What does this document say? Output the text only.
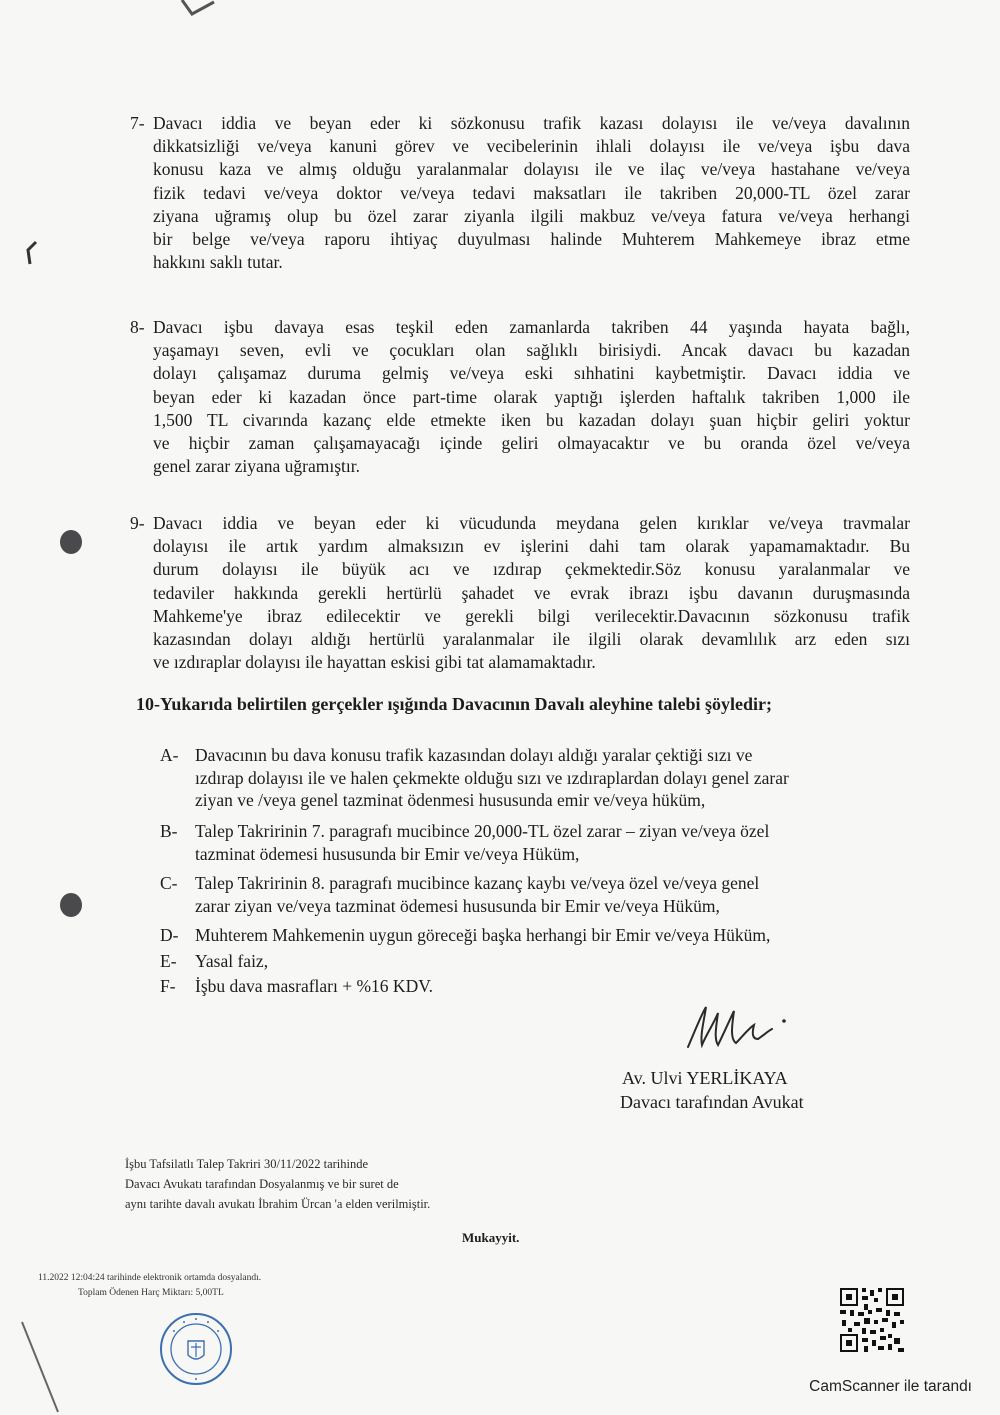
7- Davacı iddia ve beyan eder ki sözkonusu trafik kazası dolayısı ile ve/veya davalının
dikkatsizliği ve/veya kanuni görev ve vecibelerinin ihlali dolayısı ile ve/veya işbu dava
konusu kaza ve almış olduğu yaralanmalar dolayısı ile ve ilaç ve/veya hastahane ve/veya
fizik tedavi ve/veya doktor ve/veya tedavi maksatları ile takriben 20,000-TL özel zarar
ziyana uğramış olup bu özel zarar ziyanla ilgili makbuz ve/veya fatura ve/veya herhangi
bir belge ve/veya raporu ihtiyaç duyulması halinde Muhterem Mahkemeye ibraz etme
hakkını saklı tutar.
8- Davacı işbu davaya esas teşkil eden zamanlarda takriben 44 yaşında hayata bağlı,
yaşamayı seven, evli ve çocukları olan sağlıklı birisiydi. Ancak davacı bu kazadan
dolayı çalışamaz duruma gelmiş ve/veya eski sıhhatini kaybetmiştir. Davacı iddia ve
beyan eder ki kazadan önce part-time olarak yaptığı işlerden haftalık takriben 1,000 ile
1,500 TL civarında kazanç elde etmekte iken bu kazadan dolayı şuan hiçbir geliri yoktur
ve hiçbir zaman çalışamayacağı içinde geliri olmayacaktır ve bu oranda özel ve/veya
genel zarar ziyana uğramıştır.
9- Davacı iddia ve beyan eder ki vücudunda meydana gelen kırıklar ve/veya travmalar
dolayısı ile artık yardım almaksızın ev işlerini dahi tam olarak yapamamaktadır. Bu
durum dolayısı ile büyük acı ve ızdırap çekmektedir.Söz konusu yaralanmalar ve
tedaviler hakkında gerekli hertürlü şahadet ve evrak ibrazı işbu davanın duruşmasında
Mahkeme'ye ibraz edilecektir ve gerekli bilgi verilecektir.Davacının sözkonusu trafik
kazasından dolayı aldığı hertürlü yaralanmalar ile ilgili olarak devamlılık arz eden sızı
ve ızdıraplar dolayısı ile hayattan eskisi gibi tat alamamaktadır.
10-Yukarıda belirtilen gerçekler ışığında Davacının Davalı aleyhine talebi şöyledir;
A- Davacının bu dava konusu trafik kazasından dolayı aldığı yaralar çektiği sızı ve
ızdırap dolayısı ile ve halen çekmekte olduğu sızı ve ızdıraplardan dolayı genel zarar
ziyan ve /veya genel tazminat ödenmesi hususunda emir ve/veya hüküm,
B-	Talep Takririnin 7. paragrafı mucibince 20,000-TL özel zarar – ziyan ve/veya özel
tazminat ödemesi hususunda bir Emir ve/veya Hüküm,
C-	Talep Takririnin 8. paragrafı mucibince kazanç kaybı ve/veya özel ve/veya genel
zarar ziyan ve/veya tazminat ödemesi hususunda bir Emir ve/veya Hüküm,
D- Muhterem Mahkemenin uygun göreceği başka herhangi bir Emir ve/veya Hüküm,
E-	Yasal faiz,
F-	İşbu dava masrafları + %16 KDV.
Av. Ulvi YERLİKAYA
Davacı tarafından Avukat
İşbu Tafsilatlı Talep Takriri 30/11/2022 tarihinde
Davacı Avukatı tarafından Dosyalanmış ve bir suret de
aynı tarihte davalı avukatı İbrahim Ürcan 'a elden verilmiştir.
Mukayyit.
11.2022 12:04:24 tarihinde elektronik ortamda dosyalandı.
Toplam Ödenen Harç Miktarı: 5,00TL
CamScanner ile tarandı
